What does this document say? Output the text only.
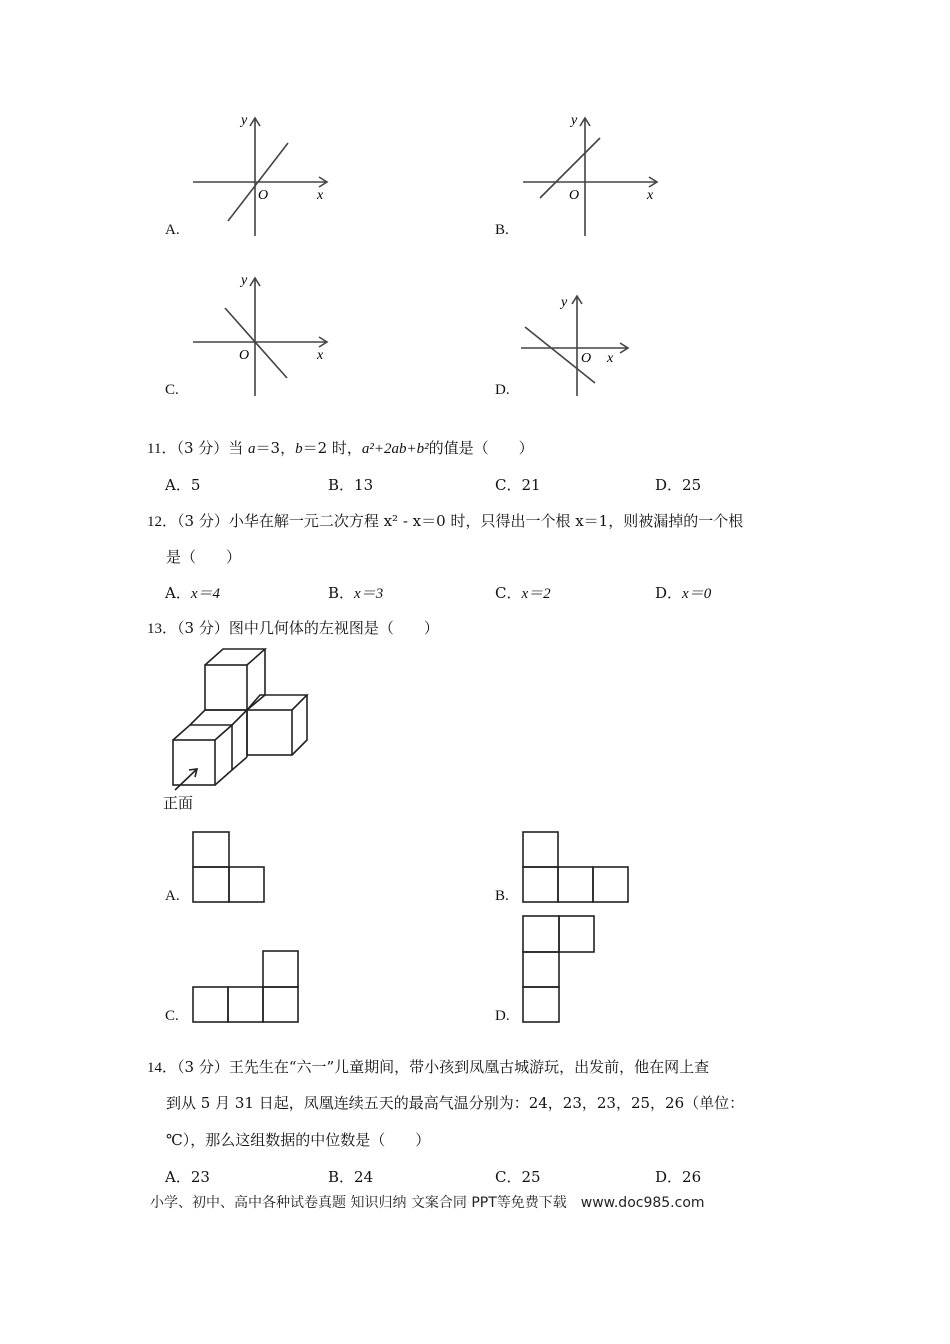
A.
y
x
O
B.
y
x
O
C.
y
x
O
D.
y
x
O
11．（3 分）当 a＝3，b＝2 时，a²+2ab+b²的值是（　　）
A．5	B．13	C．21	D．25
12．（3 分）小华在解一元二次方程 x² - x＝0 时，只得出一个根 x＝1，则被漏掉的一个根
是（　　）
A．x＝4	B．x＝3	C．x＝2	D．x＝0
13．（3 分）图中几何体的左视图是（　　）
正面
A.	B.
C.	D.
14．（3 分）王先生在“六一”儿童期间，带小孩到凤凰古城游玩，出发前，他在网上查
到从 5 月 31 日起，凤凰连续五天的最高气温分别为：24，23，23，25，26（单位：
℃），那么这组数据的中位数是（　　）
A．23	B．24	C．25	D．26
小学、初中、高中各种试卷真题 知识归纳 文案合同 PPT等免费下载　www.doc985.com
